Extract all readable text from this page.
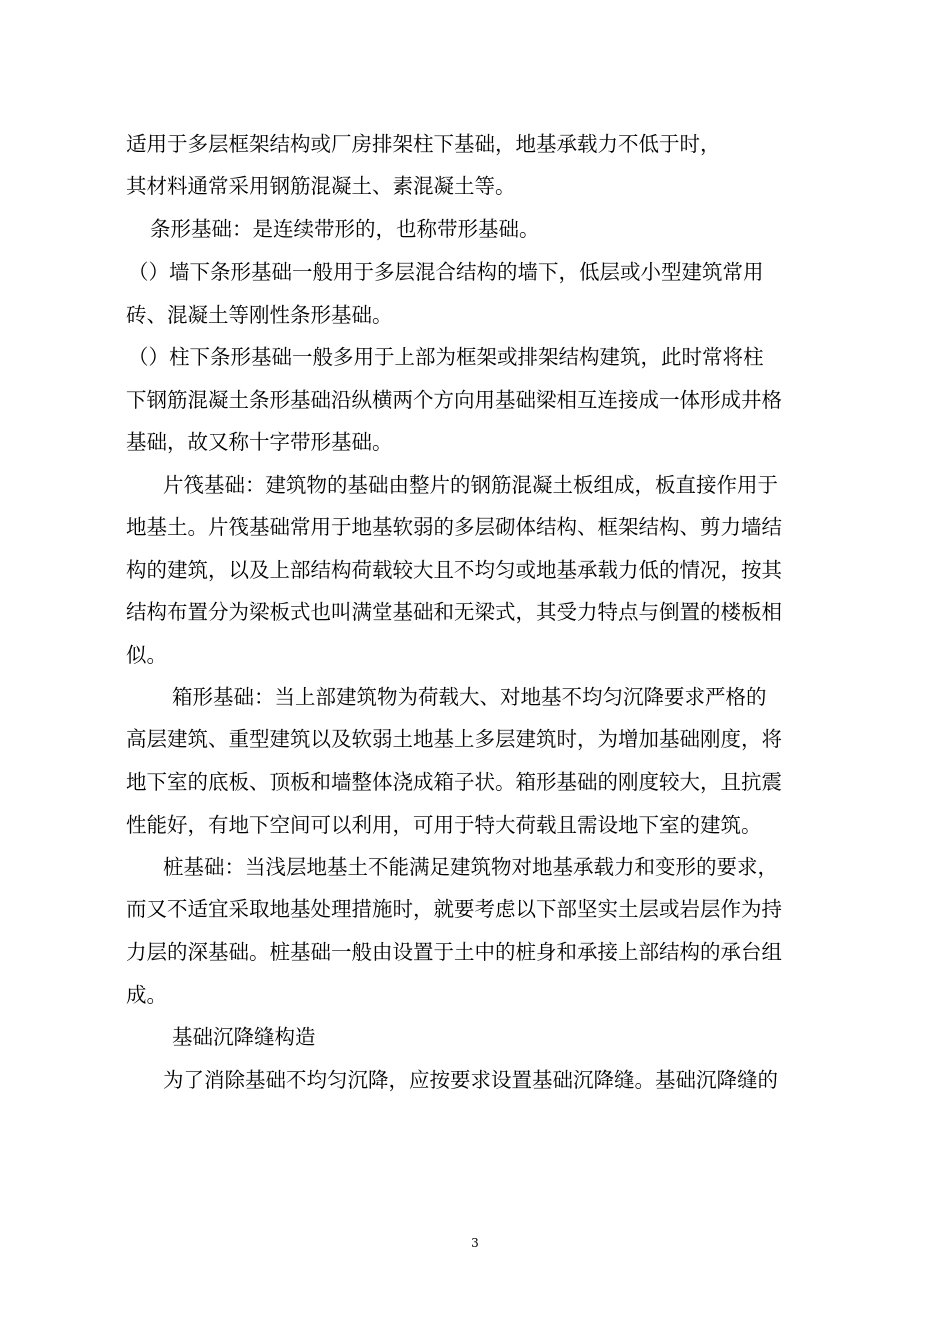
适用于多层框架结构或厂房排架柱下基础，地基承载力不低于时，

其材料通常采用钢筋混凝土、素混凝土等。

条形基础：是连续带形的，也称带形基础。

（）墙下条形基础一般用于多层混合结构的墙下，低层或小型建筑常用

砖、混凝土等刚性条形基础。

（）柱下条形基础一般多用于上部为框架或排架结构建筑，此时常将柱

下钢筋混凝土条形基础沿纵横两个方向用基础梁相互连接成一体形成井格

基础，故又称十字带形基础。

片筏基础：建筑物的基础由整片的钢筋混凝土板组成，板直接作用于

地基土。片筏基础常用于地基软弱的多层砌体结构、框架结构、剪力墙结

构的建筑，以及上部结构荷载较大且不均匀或地基承载力低的情况，按其

结构布置分为梁板式也叫满堂基础和无梁式，其受力特点与倒置的楼板相

似。

箱形基础：当上部建筑物为荷载大、对地基不均匀沉降要求严格的

高层建筑、重型建筑以及软弱土地基上多层建筑时，为增加基础刚度，将

地下室的底板、顶板和墙整体浇成箱子状。箱形基础的刚度较大，且抗震

性能好，有地下空间可以利用，可用于特大荷载且需设地下室的建筑。

桩基础：当浅层地基土不能满足建筑物对地基承载力和变形的要求，

而又不适宜采取地基处理措施时，就要考虑以下部坚实土层或岩层作为持

力层的深基础。桩基础一般由设置于土中的桩身和承接上部结构的承台组

成。

基础沉降缝构造

为了消除基础不均匀沉降，应按要求设置基础沉降缝。基础沉降缝的

3
